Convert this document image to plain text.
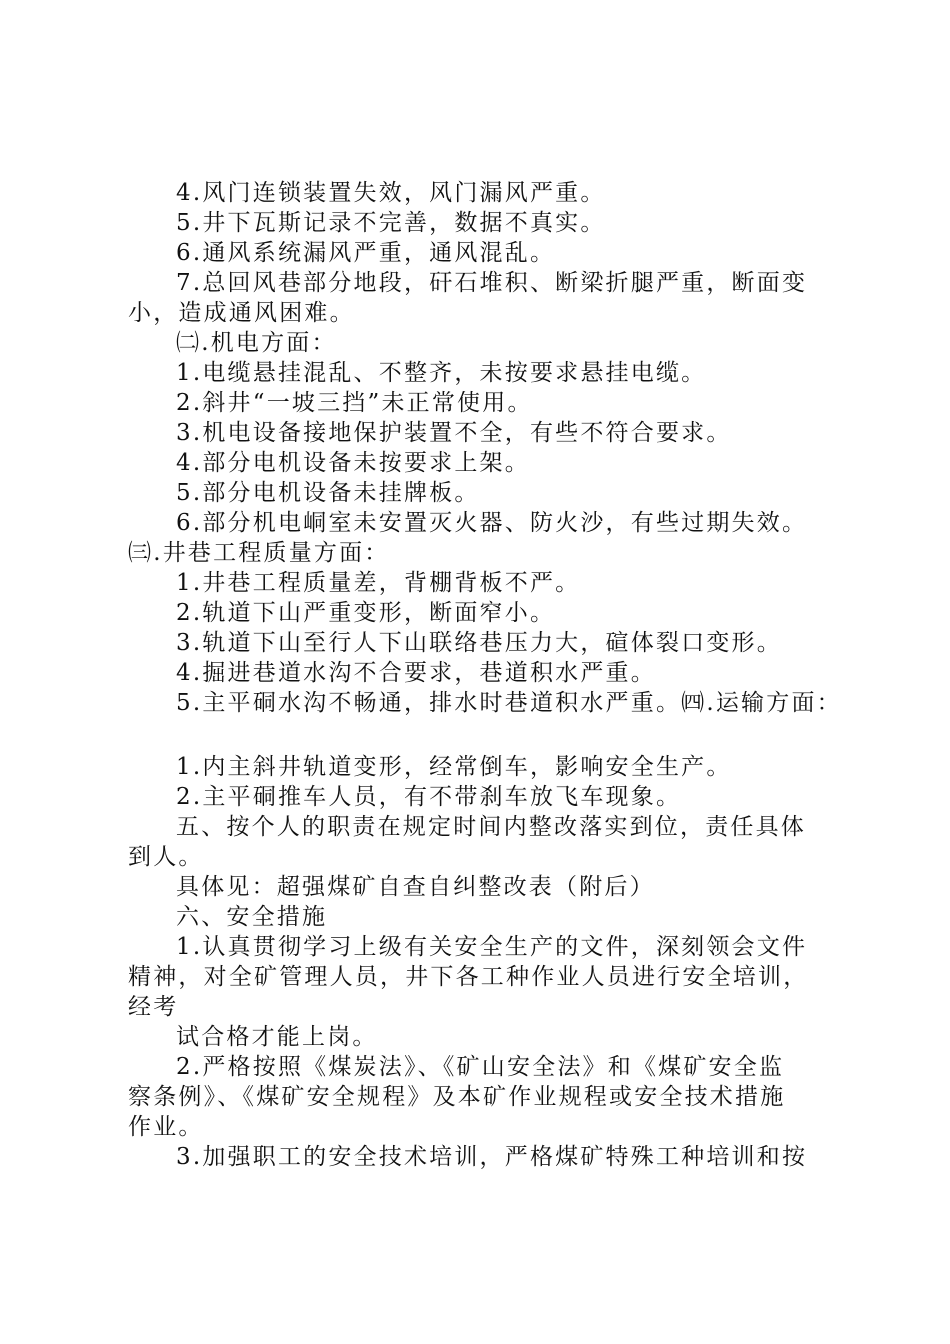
4.风门连锁装置失效，风门漏风严重。
5.井下瓦斯记录不完善，数据不真实。
6.通风系统漏风严重，通风混乱。
7.总回风巷部分地段，矸石堆积、断梁折腿严重，断面变
小，造成通风困难。
㈡.机电方面：
1.电缆悬挂混乱、不整齐，未按要求悬挂电缆。
2.斜井“一坡三挡”未正常使用。
3.机电设备接地保护装置不全，有些不符合要求。
4.部分电机设备未按要求上架。
5.部分电机设备未挂牌板。
6.部分机电峒室未安置灭火器、防火沙，有些过期失效。
㈢.井巷工程质量方面：
1.井巷工程质量差，背棚背板不严。
2.轨道下山严重变形，断面窄小。
3.轨道下山至行人下山联络巷压力大，碹体裂口变形。
4.掘进巷道水沟不合要求，巷道积水严重。
5.主平硐水沟不畅通，排水时巷道积水严重。㈣.运输方面：
1.内主斜井轨道变形，经常倒车，影响安全生产。
2.主平硐推车人员，有不带刹车放飞车现象。
五、按个人的职责在规定时间内整改落实到位，责任具体
到人。
具体见：超强煤矿自查自纠整改表（附后）
六、安全措施
1.认真贯彻学习上级有关安全生产的文件，深刻领会文件
精神，对全矿管理人员，井下各工种作业人员进行安全培训，
经考
试合格才能上岗。
2.严格按照《煤炭法》、《矿山安全法》和《煤矿安全监
察条例》、《煤矿安全规程》及本矿作业规程或安全技术措施
作业。
3.加强职工的安全技术培训，严格煤矿特殊工种培训和按
